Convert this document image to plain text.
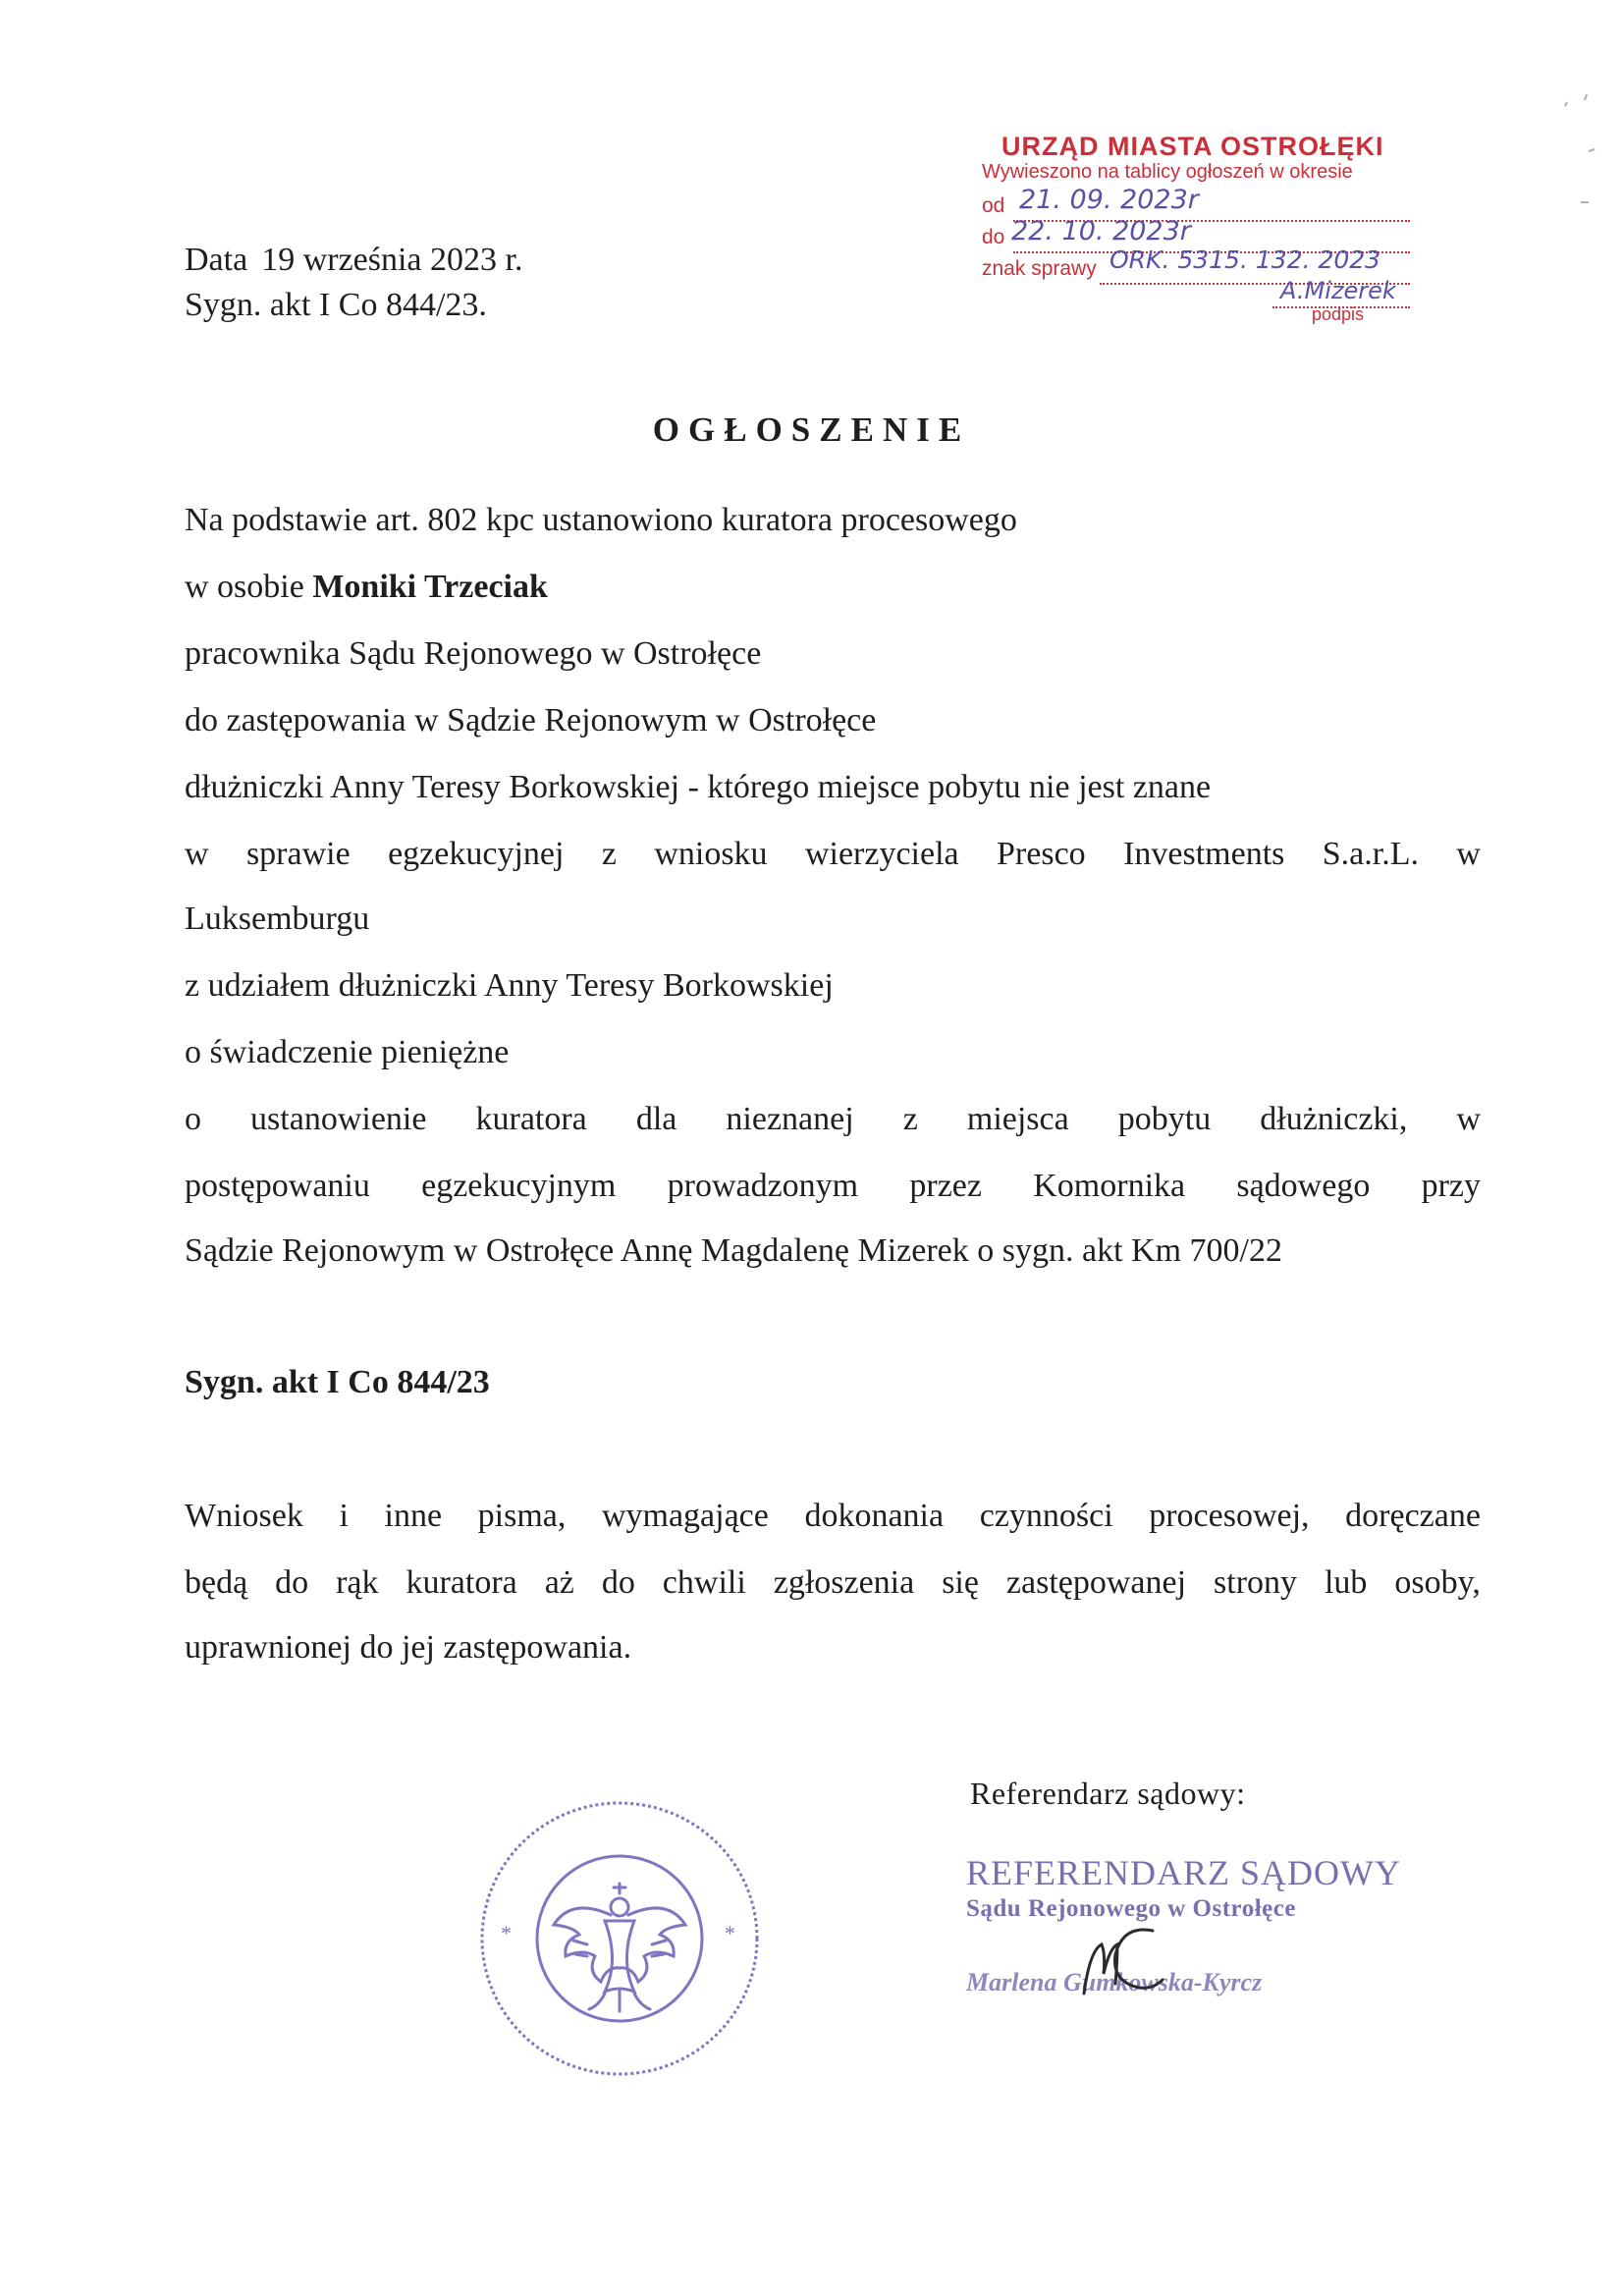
Data 19 września 2023 r.
Sygn. akt I Co 844/23.
URZĄD MIASTA OSTROŁĘKI
Wywieszono na tablicy ogłoszeń w okresie
od 21. 09. 2023r
do 22. 10. 2023r
znak sprawy ORK. 5315. 132. 2023
A.Mizerek
podpis
OGŁOSZENIE
Na podstawie art. 802 kpc ustanowiono kuratora procesowego
w osobie Moniki Trzeciak
pracownika Sądu Rejonowego w Ostrołęce
do zastępowania w Sądzie Rejonowym w Ostrołęce
dłużniczki Anny Teresy Borkowskiej - którego miejsce pobytu nie jest znane
w sprawie egzekucyjnej z wniosku wierzyciela Presco Investments S.a.r.L. w
Luksemburgu
z udziałem dłużniczki Anny Teresy Borkowskiej
o świadczenie pieniężne
o ustanowienie kuratora dla nieznanej z miejsca pobytu dłużniczki, w
postępowaniu egzekucyjnym prowadzonym przez Komornika sądowego przy
Sądzie Rejonowym w Ostrołęce Annę Magdalenę Mizerek o sygn. akt Km 700/22
Sygn. akt I Co 844/23
Wniosek i inne pisma, wymagające dokonania czynności procesowej, doręczane
będą do rąk kuratora aż do chwili zgłoszenia się zastępowanej strony lub osoby,
uprawnionej do jej zastępowania.
Referendarz sądowy:
*	*
REFERENDARZ SĄDOWY
Sądu Rejonowego w Ostrołęce
Marlena Gumkowska-Kyrcz
